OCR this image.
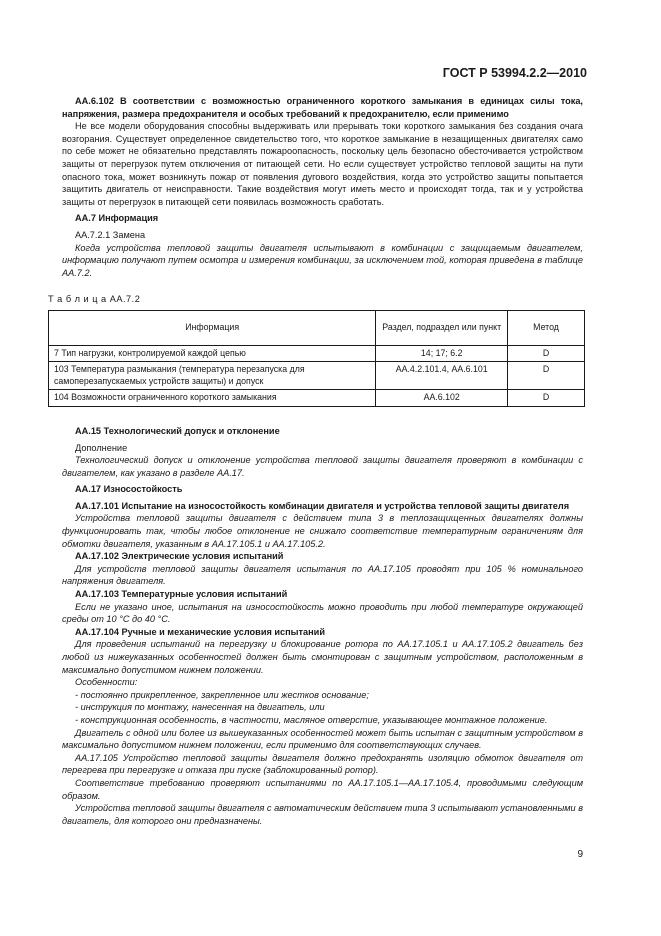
ГОСТ Р 53994.2.2—2010

АА.6.102 В соответствии с возможностью ограниченного короткого замыкания в единицах силы тока, напряжения, размера предохранителя и особых требований к предохранителю, если применимо

Не все модели оборудования способны выдерживать или прерывать токи короткого замыкания без создания очага возгорания. Существует определенное свидетельство того, что короткое замыкание в незащищенных двигателях само по себе может не обязательно представлять пожароопасность, поскольку цель безопасно обесточивается устройством защиты от перегрузок путем отключения от питающей сети. Но если существует устройство тепловой защиты на пути опасного тока, может возникнуть пожар от появления дугового воздействия, когда это устройство защиты попытается защитить двигатель от неисправности. Такие воздействия могут иметь место и происходят тогда, так и у устройства защиты от перегрузок в питающей сети появилась возможность сработать.

АА.7 Информация

АА.7.2.1 Замена

Когда устройства тепловой защиты двигателя испытывают в комбинации с защищаемым двигателем, информацию получают путем осмотра и измерения комбинации, за исключением той, которая приведена в таблице АА.7.2.

Т а б л и ц а АА.7.2

Информация	Раздел, подраздел или пункт	Метод
7 Тип нагрузки, контролируемой каждой цепью	14; 17; 6.2	D
103 Температура размыкания (температура перезапуска для самоперезапускаемых устройств защиты) и допуск	АА.4.2.101.4, АА.6.101	D
104 Возможности ограниченного короткого замыкания	АА.6.102	D

АА.15 Технологический допуск и отклонение

Дополнение

Технологический допуск и отклонение устройства тепловой защиты двигателя проверяют в комбинации с двигателем, как указано в разделе АА.17.

АА.17 Износостойкость

АА.17.101 Испытание на износостойкость комбинации двигателя и устройства тепловой защиты двигателя

Устройства тепловой защиты двигателя с действием типа 3 в теплозащищенных двигателях должны функционировать так, чтобы любое отклонение не снижало соответствие температурным ограничениям для обмотки двигателя, указанным в АА.17.105.1 и АА.17.105.2.

АА.17.102 Электрические условия испытаний

Для устройств тепловой защиты двигателя испытания по АА.17.105 проводят при 105 % номинального напряжения двигателя.

АА.17.103 Температурные условия испытаний

Если не указано иное, испытания на износостойкость можно проводить при любой температуре окружающей среды от 10 °С до 40 °С.

АА.17.104 Ручные и механические условия испытаний

Для проведения испытаний на перегрузку и блокирование ротора по АА.17.105.1 и АА.17.105.2 двигатель без любой из нижеуказанных особенностей должен быть смонтирован с защитным устройством, расположенным в максимально допустимом нижнем положении.

Особенности:

- постоянно прикрепленное, закрепленное или жестков основание;

- инструкция по монтажу, нанесенная на двигатель, или

- конструкционная особенность, в частности, масляное отверстие, указывающее монтажное положение.

Двигатель с одной или более из вышеуказанных особенностей может быть испытан с защитным устройством в максимально допустимом нижнем положении, если применимо для соответствующих случаев.

АА.17.105 Устройство тепловой защиты двигателя должно предохранять изоляцию обмоток двигателя от перегрева при перегрузке и отказа при пуске (заблокированный ротор).

Соответствие требованию проверяют испытаниями по АА.17.105.1—АА.17.105.4, проводимыми следующим образом.

Устройства тепловой защиты двигателя с автоматическим действием типа 3 испытывают установленными в двигатель, для которого они предназначены.

9
